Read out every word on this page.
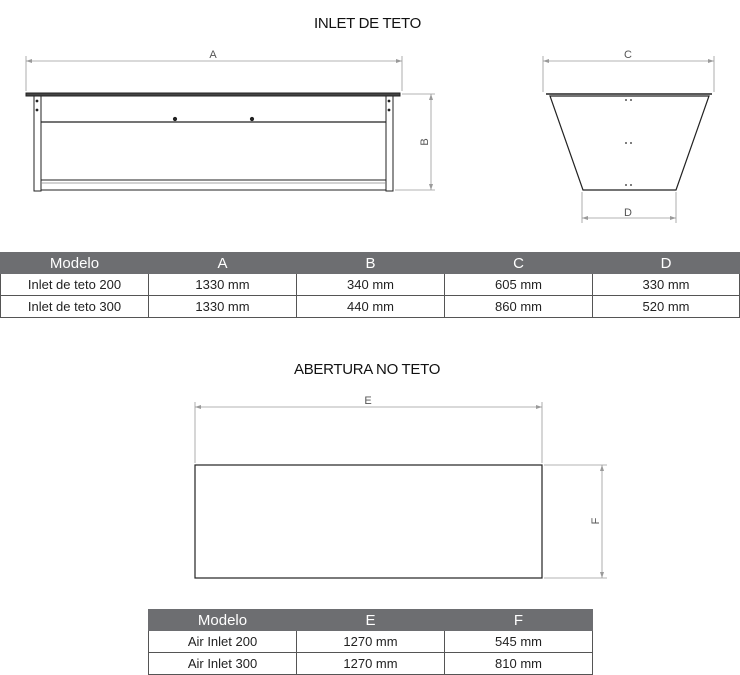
INLET DE TETO
ABERTURA NO TETO
A
B
C
D
E
F
Modelo	A	B	C	D
Inlet de teto 200	1330 mm	340 mm	605 mm	330 mm
Inlet de teto 300	1330 mm	440 mm	860 mm	520 mm
Modelo	E	F
Air Inlet 200	1270 mm	545 mm
Air Inlet 300	1270 mm	810 mm
